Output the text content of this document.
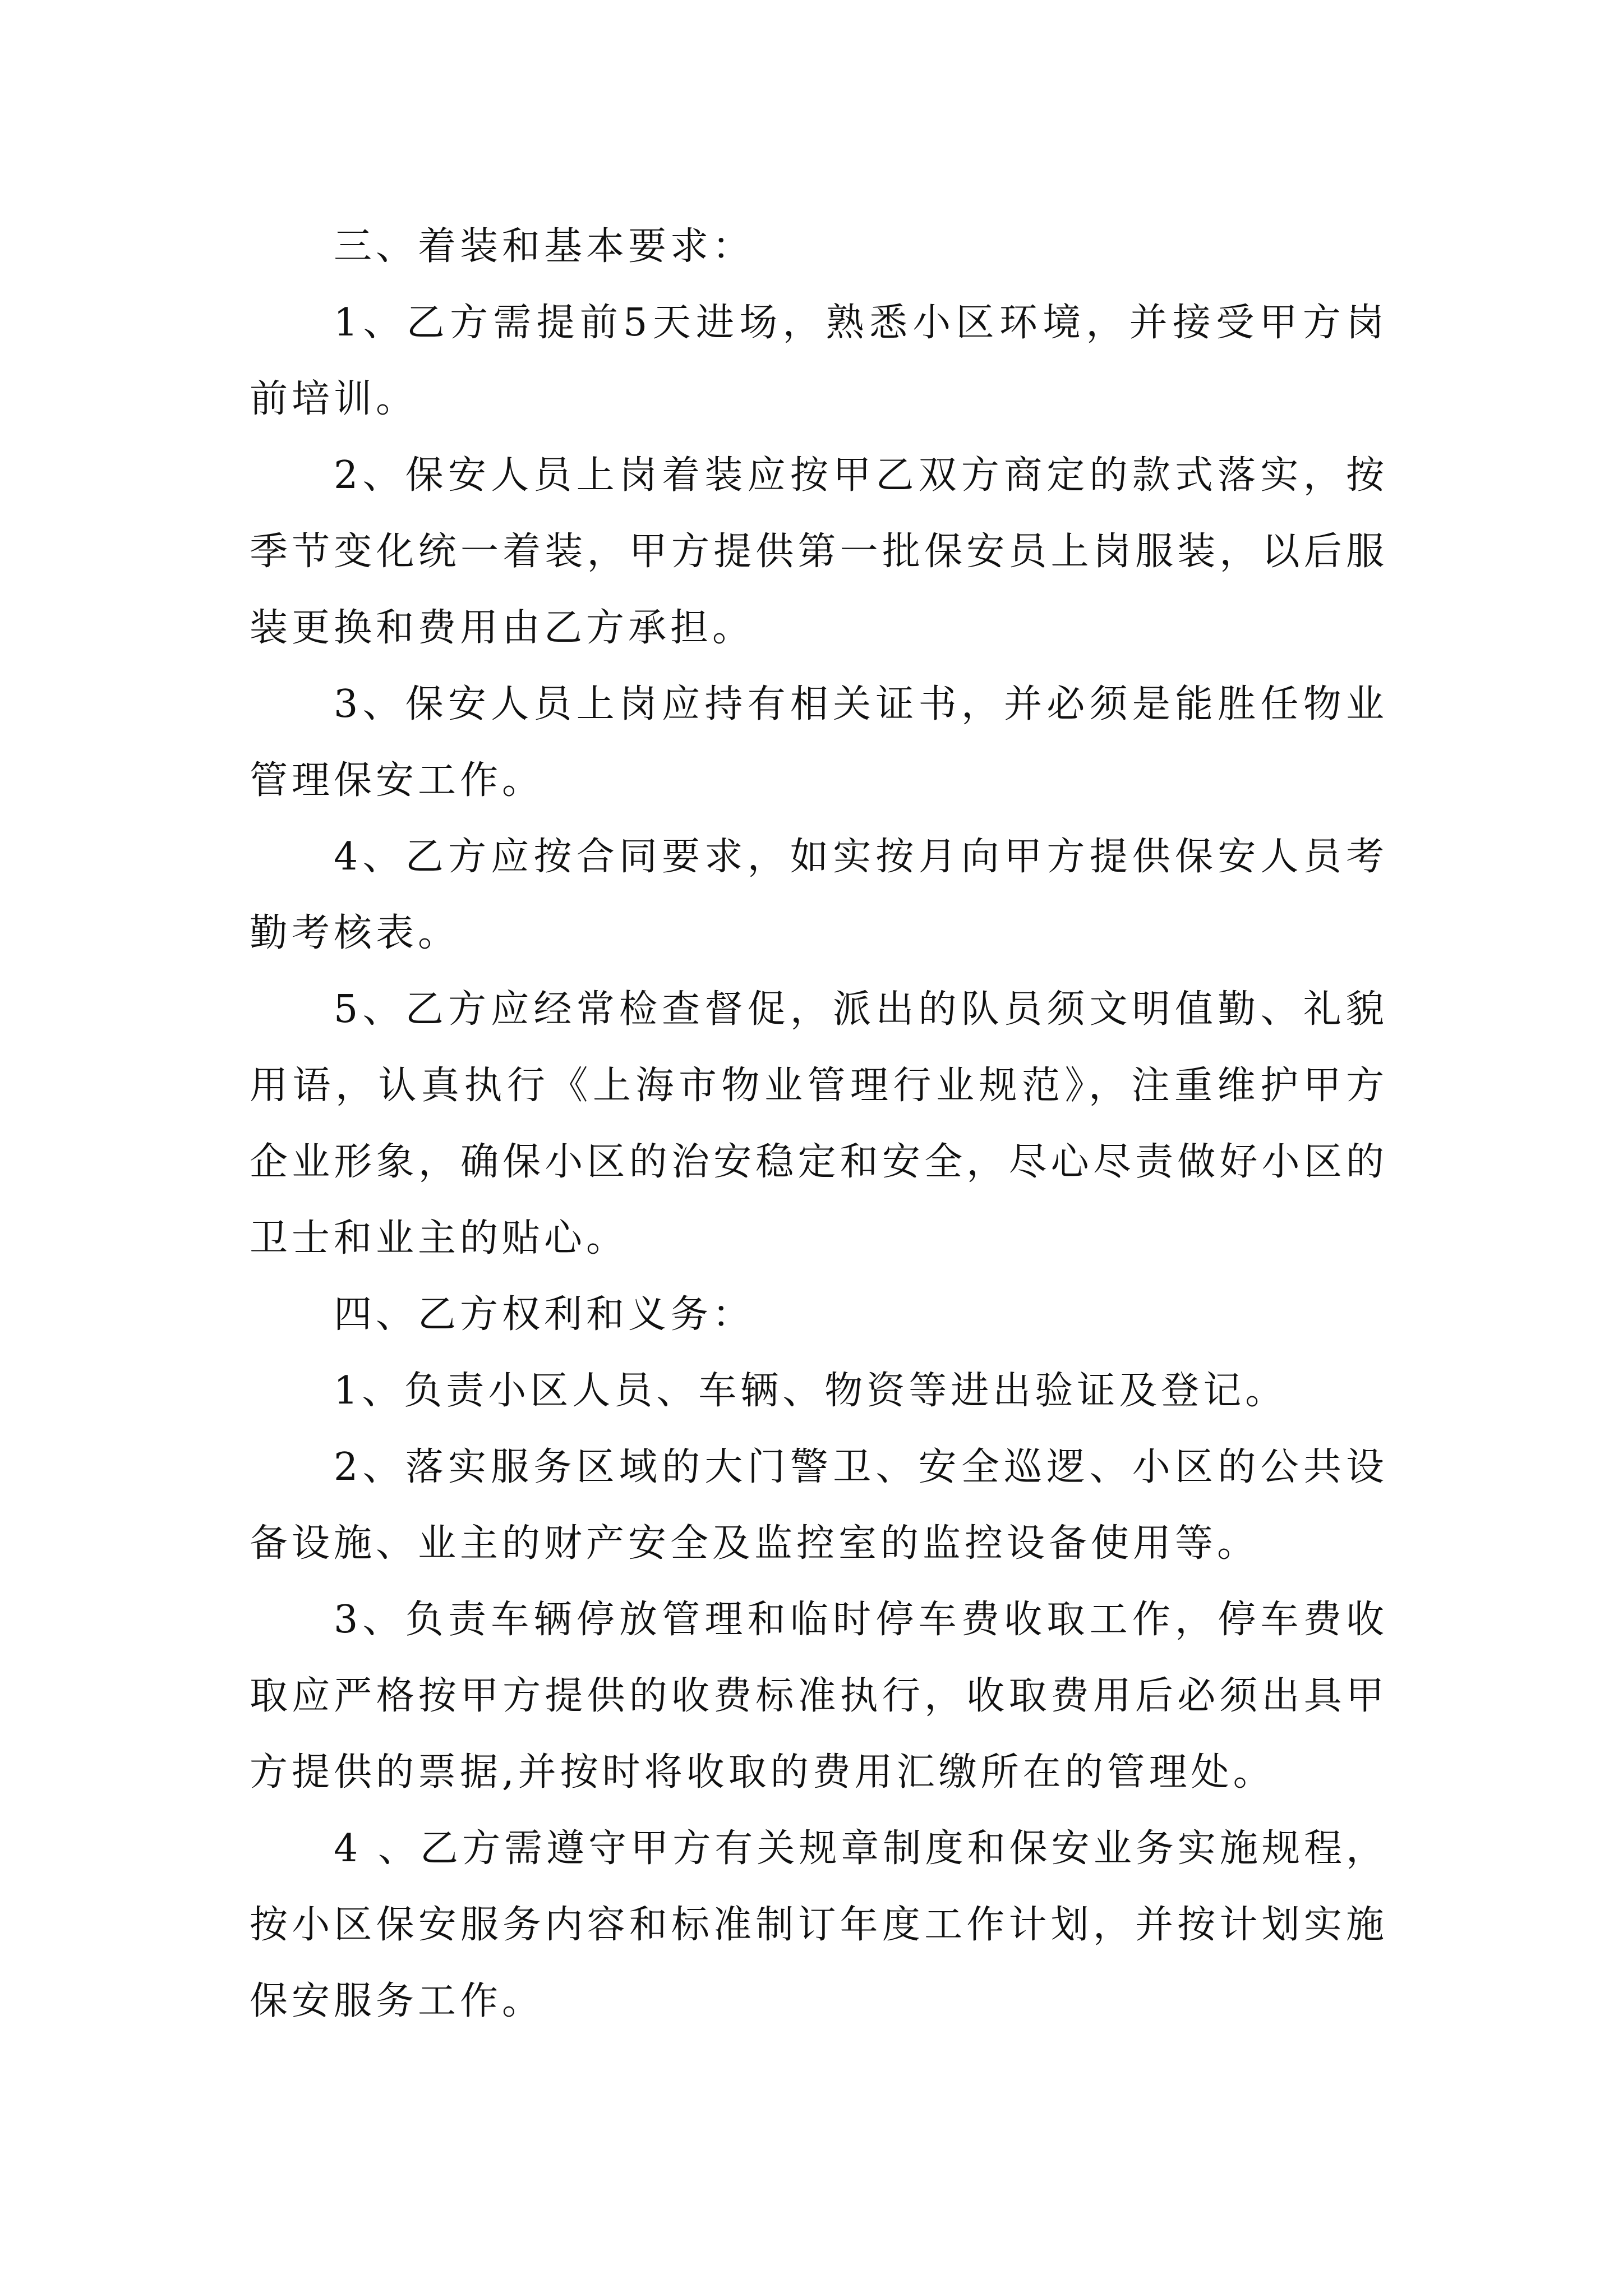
三、着装和基本要求：

1、乙方需提前5天进场，熟悉小区环境，并接受甲方岗前培训。

2、保安人员上岗着装应按甲乙双方商定的款式落实，按季节变化统一着装，甲方提供第一批保安员上岗服装，以后服装更换和费用由乙方承担。

3、保安人员上岗应持有相关证书，并必须是能胜任物业管理保安工作。

4、乙方应按合同要求，如实按月向甲方提供保安人员考勤考核表。

5、乙方应经常检查督促，派出的队员须文明值勤、礼貌用语，认真执行《上海市物业管理行业规范》，注重维护甲方企业形象，确保小区的治安稳定和安全，尽心尽责做好小区的卫士和业主的贴心。

四、乙方权利和义务：

1、负责小区人员、车辆、物资等进出验证及登记。

2、落实服务区域的大门警卫、安全巡逻、小区的公共设备设施、业主的财产安全及监控室的监控设备使用等。

3、负责车辆停放管理和临时停车费收取工作，停车费收取应严格按甲方提供的收费标准执行，收取费用后必须出具甲方提供的票据,并按时将收取的费用汇缴所在的管理处。

4 、乙方需遵守甲方有关规章制度和保安业务实施规程，按小区保安服务内容和标准制订年度工作计划，并按计划实施保安服务工作。
